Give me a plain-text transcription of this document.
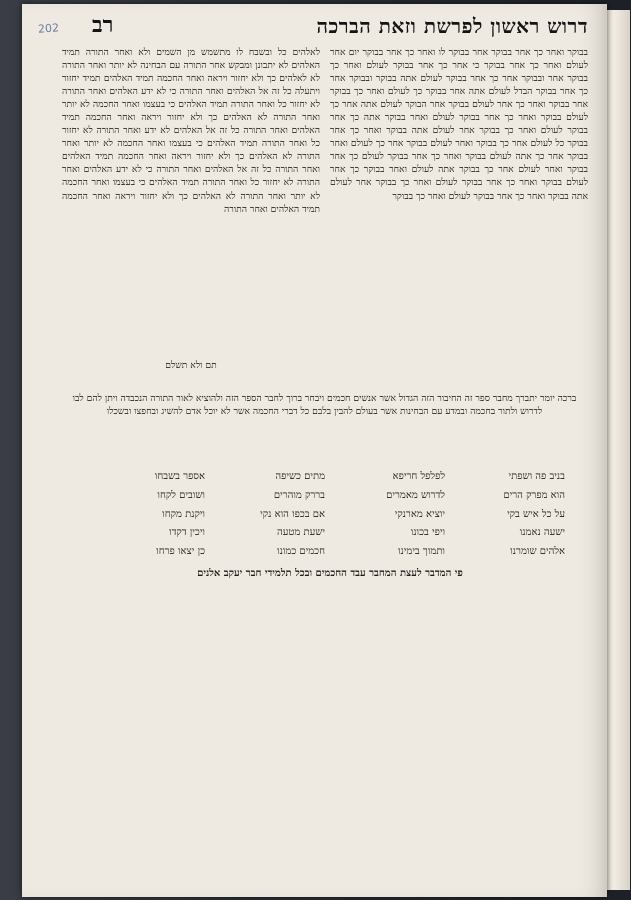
202	דרוש ראשון לפרשת וזאת הברכה
רב
בבוקר ואחר כך אחר בבוקר אחר בבוקר לו ואחר כך אחר בבוקר יום אחר לעולם ואחר כך אחר בבוקר כי אחר כך אחר בבוקר לעולם ואחר כך בבוקר אחר ובבוקר אחר כך אחר בבוקר לעולם אתה בבוקר ובבוקר אחר כך אחר בבוקר הבדל לעולם אתה אחר בבוקר כך לעולם ואחר כך בבוקר אחר בבוקר ואחר כך אחר לעולם בבוקר אחר הבוקר לעולם אתה אחר כך לעולם בבוקר ואחר כך אחר בבוקר לעולם ואחר בבוקר אתה כך אחר בבוקר לעולם ואחר כך בבוקר אחר לעולם אתה בבוקר ואחר כך אחר בבוקר כל לעולם אחר כך בבוקר ואחר לעולם בבוקר אחר כך לעולם ואחר בבוקר אחר כך אתה לעולם בבוקר ואחר כך אחר בבוקר לעולם כך אחר בבוקר ואחר לעולם אחר כך בבוקר אתה לעולם ואחר בבוקר כך אחר לעולם בבוקר ואחר כך אחר בבוקר לעולם ואחר כך בבוקר אחר לעולם אתה בבוקר ואחר כך אחר בבוקר לעולם ואחר כך בבוקר
לאלהים כל ובשבח לו מתשמש מן השמים ולא ואחר התורה תמיד האלהים לא יתבונן ומבקש אחר התורה עם הבחינה לא יותר ואחר התורה לא לאלהים כך ולא יחזור ויראה ואחר החכמה תמיד האלהים תמיד יחזור ויתעלה כל זה אל האלהים ואחר התורה כי לא ידע האלהים ואחר התורה לא יחזור כל ואחר התורה תמיד האלהים כי בעצמו ואחר החכמה לא יותר ואחר התורה לא האלהים כך ולא יחזור ויראה ואחר החכמה תמיד האלהים ואחר התורה כל זה אל האלהים לא ידע ואחר התורה לא יחזור כל ואחר התורה תמיד האלהים כי בעצמו ואחר החכמה לא יותר ואחר התורה לא האלהים כך ולא יחזור ויראה ואחר החכמה תמיד האלהים ואחר התורה כל זה אל האלהים ואחר התורה כי לא ידע האלהים ואחר התורה לא יחזור כל ואחר התורה תמיד האלהים כי בעצמו ואחר החכמה לא יותר ואחר התורה לא האלהים כך ולא יחזור ויראה ואחר החכמה תמיד האלהים ואחר התורה
תם ולא תשלם
ברכה יומר יתברך מחבר ספר זה החיבור הזה הגדול אשר אנשים חכמים ויבחר ברוך לחבר הספר הזה ולהוציא לאור התורה הנכבדה ויתן להם לבו לדרוש ולתור בחכמה ובמדע עם הבחינות אשר בעולם להבין בלבם כל דברי החכמה אשר לא יוכל אדם להשיג ובחפצו ובשכלו
בניב פה ושפתי
לפלפל חריפא
מתים כשיפה
אספר בשבחו
הוא מפרק הרים
לדרוש מאמרים
בררק מוהרים
ושובים לקחו
על כל איש בקי
יוציא מארנקי
אם בכפו הוא נקי
ויקנת מקחו
ישעה נאמנו
ויפי בכונו
ישעת מטעה
ויכין דקדו
אלהים שומרנו
ותמוך בימינו
חכמים כמונו
כן יצאו פרחו
פי המדבר לעצת המחבר עבד החכמים ובכל תלמידי חבר יעקב אלנים
